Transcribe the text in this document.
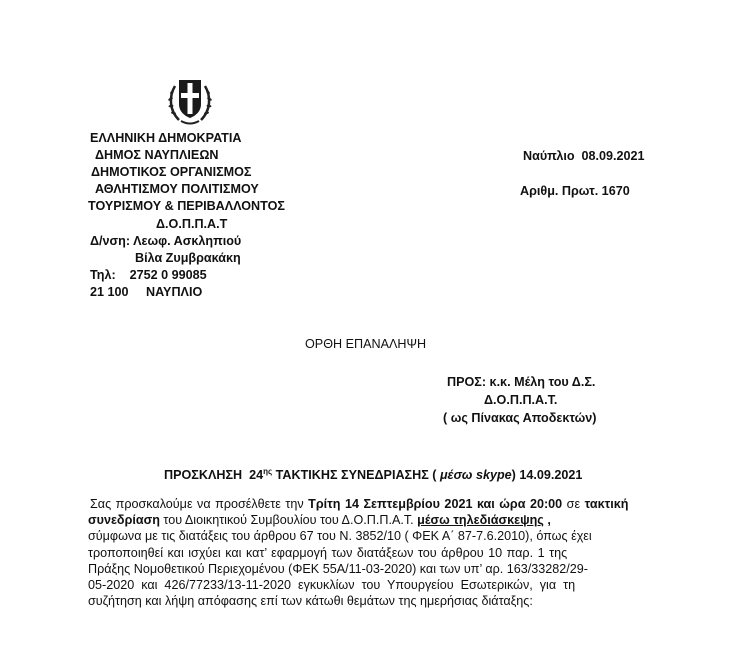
ΕΛΛΗΝΙΚΗ ΔΗΜΟΚΡΑΤΙΑ
ΔΗΜΟΣ ΝΑΥΠΛΙΕΩΝ
ΔΗΜΟΤΙΚΟΣ ΟΡΓΑΝΙΣΜΟΣ
ΑΘΛΗΤΙΣΜΟΥ ΠΟΛΙΤΙΣΜΟΥ
ΤΟΥΡΙΣΜΟΥ & ΠΕΡΙΒΑΛΛΟΝΤΟΣ
Δ.Ο.Π.Π.Α.Τ
Δ/νση: Λεωφ. Ασκληπιού
Βίλα Ζυμβρακάκη
Τηλ:    2752 0 99085
21 100     ΝΑΥΠΛΙΟ
Ναύπλιο  08.09.2021
Αριθμ. Πρωτ. 1670
ΟΡΘΗ ΕΠΑΝΑΛΗΨΗ
ΠΡΟΣ: κ.κ. Μέλη του Δ.Σ.
Δ.Ο.Π.Π.Α.Τ.
( ως Πίνακας Αποδεκτών)
ΠΡΟΣΚΛΗΣΗ  $24^{\eta\varsigma}$ ΤΑΚΤΙΚΗΣ ΣΥΝΕΔΡΙΑΣΗΣ ( μέσω skype) 14.09.2021
Σας προσκαλούμε να προσέλθετε την Τρίτη 14 Σεπτεμβρίου 2021 και ώρα 20:00 σε τακτική
συνεδρίαση του Διοικητικού Συμβουλίου του Δ.Ο.Π.Π.Α.Τ. μέσω τηλεδιάσκεψης ,
σύμφωνα με τις διατάξεις του άρθρου 67 του Ν. 3852/10 ( ΦΕΚ Α΄ 87-7.6.2010), όπως έχει
τροποποιηθεί και ισχύει και κατ’ εφαρμογή των διατάξεων του άρθρου 10 παρ. 1 της
Πράξης Νομοθετικού Περιεχομένου (ΦΕΚ 55Α/11-03-2020) και των υπ’ αρ. 163/33282/29-
05-2020  και  426/77233/13-11-2020  εγκυκλίων  του  Υπουργείου  Εσωτερικών,  για  τη
συζήτηση και λήψη απόφασης επί των κάτωθι θεμάτων της ημερήσιας διάταξης:
